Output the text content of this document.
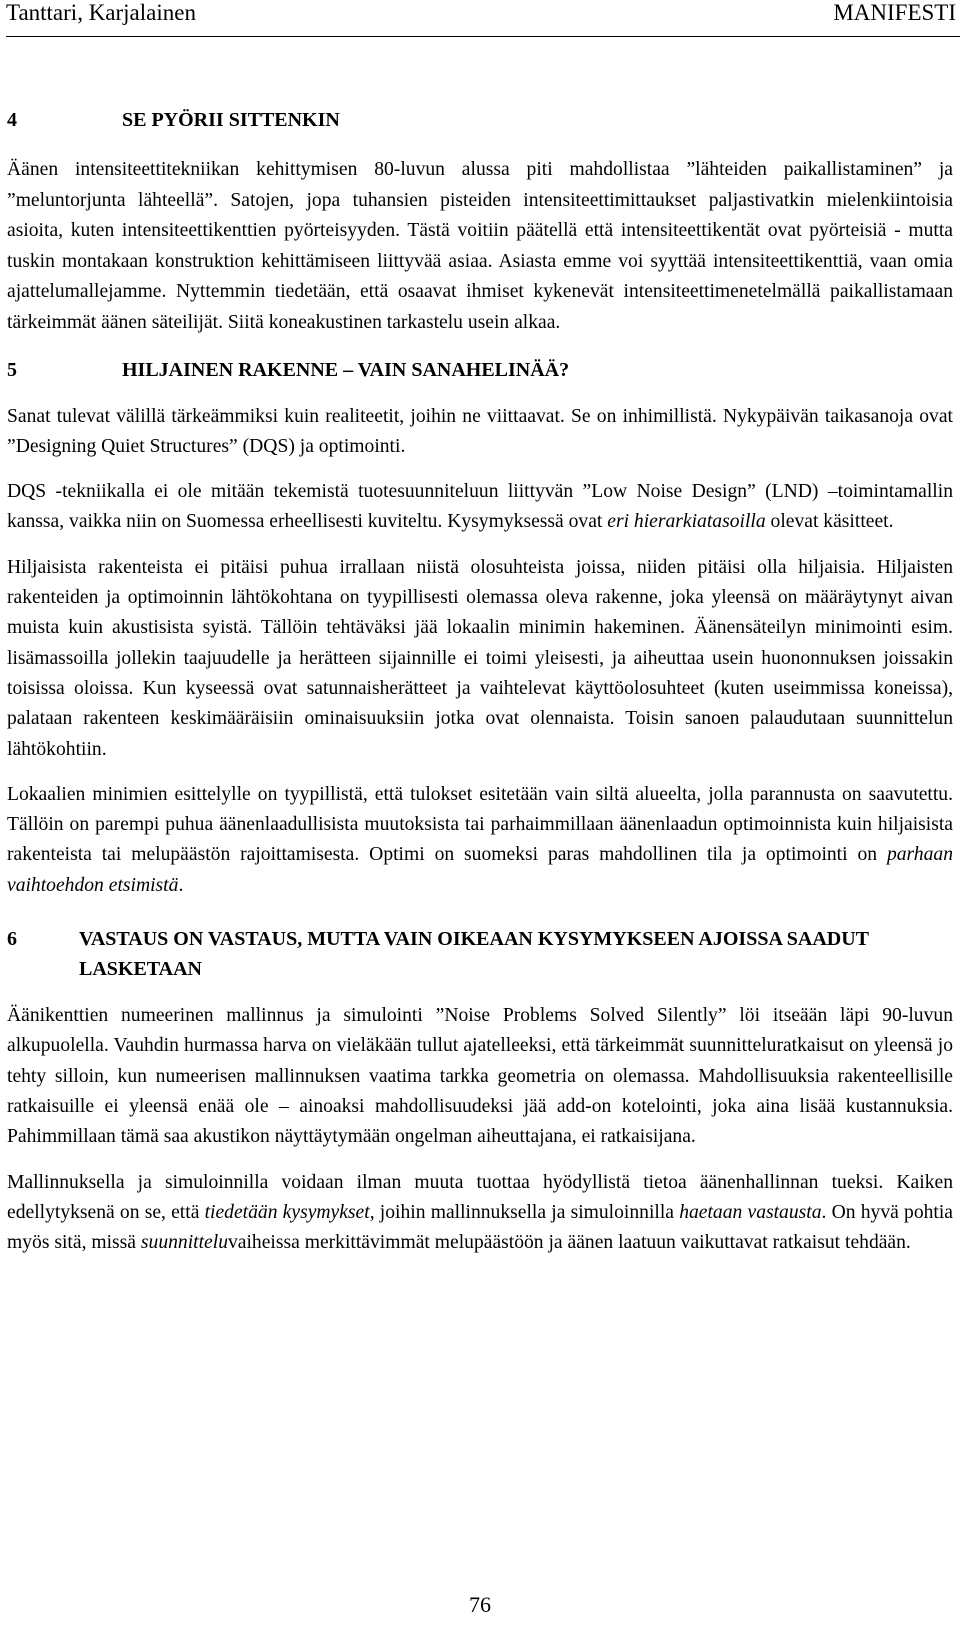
Tanttari, Karjalainen	MANIFESTI
4	SE PYÖRII SITTENKIN

Äänen intensiteettitekniikan kehittymisen 80-luvun alussa piti mahdollistaa ”lähteiden paikallistaminen” ja ”meluntorjunta lähteellä”. Satojen, jopa tuhansien pisteiden intensiteettimittaukset paljastivatkin mielenkiintoisia asioita, kuten intensiteettikenttien pyörteisyyden. Tästä voitiin päätellä että intensiteettikentät ovat pyörteisiä - mutta tuskin montakaan konstruktion kehittämiseen liittyvää asiaa. Asiasta emme voi syyttää intensiteettikenttiä, vaan omia ajattelumallejamme. Nyttemmin tiedetään, että osaavat ihmiset kykenevät intensiteettimenetelmällä paikallistamaan tärkeimmät äänen säteilijät. Siitä koneakustinen tarkastelu usein alkaa.

5	HILJAINEN RAKENNE – VAIN SANAHELINÄÄ?

Sanat tulevat välillä tärkeämmiksi kuin realiteetit, joihin ne viittaavat. Se on inhimillistä. Nykypäivän taikasanoja ovat ”Designing Quiet Structures” (DQS) ja optimointi.

DQS -tekniikalla ei ole mitään tekemistä tuotesuunniteluun liittyvän ”Low Noise Design” (LND) –toimintamallin kanssa, vaikka niin on Suomessa erheellisesti kuviteltu. Kysymyksessä ovat eri hierarkiatasoilla olevat käsitteet.

Hiljaisista rakenteista ei pitäisi puhua irrallaan niistä olosuhteista joissa, niiden pitäisi olla hiljaisia. Hiljaisten rakenteiden ja optimoinnin lähtökohtana on tyypillisesti olemassa oleva rakenne, joka yleensä on määräytynyt aivan muista kuin akustisista syistä. Tällöin tehtäväksi jää lokaalin minimin hakeminen. Äänensäteilyn minimointi esim. lisämassoilla jollekin taajuudelle ja herätteen sijainnille ei toimi yleisesti, ja aiheuttaa usein huononnuksen joissakin toisissa oloissa. Kun kyseessä ovat satunnaisherätteet ja vaihtelevat käyttöolosuhteet (kuten useimmissa koneissa), palataan rakenteen keskimääräisiin ominaisuuksiin jotka ovat olennaista. Toisin sanoen palaudutaan suunnittelun lähtökohtiin.

Lokaalien minimien esittelylle on tyypillistä, että tulokset esitetään vain siltä alueelta, jolla parannusta on saavutettu. Tällöin on parempi puhua äänenlaadullisista muutoksista tai parhaimmillaan äänenlaadun optimoinnista kuin hiljaisista rakenteista tai melupäästön rajoittamisesta. Optimi on suomeksi paras mahdollinen tila ja optimointi on parhaan vaihtoehdon etsimistä.

6	VASTAUS ON VASTAUS, MUTTA VAIN OIKEAAN KYSYMYKSEEN AJOISSA SAADUT LASKETAAN

Äänikenttien numeerinen mallinnus ja simulointi ”Noise Problems Solved Silently” löi itseään läpi 90-luvun alkupuolella. Vauhdin hurmassa harva on vieläkään tullut ajatelleeksi, että tärkeimmät suunnitteluratkaisut on yleensä jo tehty silloin, kun numeerisen mallinnuksen vaatima tarkka geometria on olemassa. Mahdollisuuksia rakenteellisille ratkaisuille ei yleensä enää ole – ainoaksi mahdollisuudeksi jää add-on kotelointi, joka aina lisää kustannuksia. Pahimmillaan tämä saa akustikon näyttäytymään ongelman aiheuttajana, ei ratkaisijana.

Mallinnuksella ja simuloinnilla voidaan ilman muuta tuottaa hyödyllistä tietoa äänenhallinnan tueksi. Kaiken edellytyksenä on se, että tiedetään kysymykset, joihin mallinnuksella ja simuloinnilla haetaan vastausta. On hyvä pohtia myös sitä, missä suunnitteluvaiheissa merkittävimmät melupäästöön ja äänen laatuun vaikuttavat ratkaisut tehdään.

76
